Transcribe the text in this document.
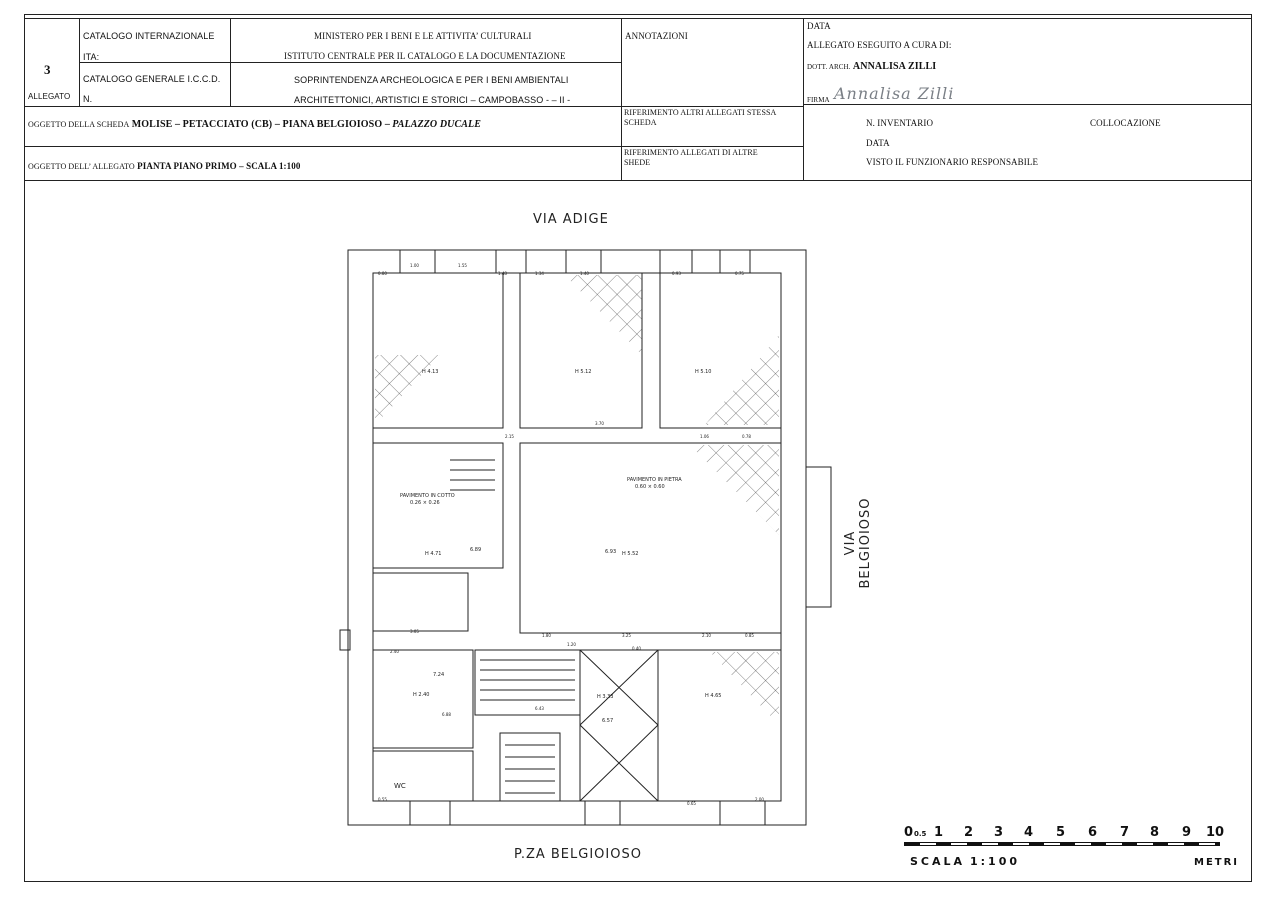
3
ALLEGATO
CATALOGO INTERNAZIONALE
ITA:
CATALOGO GENERALE I.C.C.D.
N.
MINISTERO PER I BENI E LE ATTIVITA’ CULTURALI
ISTITUTO CENTRALE PER IL CATALOGO E LA DOCUMENTAZIONE
SOPRINTENDENZA ARCHEOLOGICA E PER I BENI AMBIENTALI
ARCHITETTONICI, ARTISTICI E STORICI – CAMPOBASSO - – II -
ANNOTAZIONI
DATA
ALLEGATO ESEGUITO A CURA DI:
DOTT. ARCH. ANNALISA ZILLI
FIRMA Annalisa Zilli
OGGETTO DELLA SCHEDA MOLISE – PETACCIATO (CB) – PIANA BELGIOIOSO – PALAZZO DUCALE
RIFERIMENTO ALTRI ALLEGATI STESSA
SCHEDA
RIFERIMENTO ALLEGATI DI ALTRE
SHEDE
N. INVENTARIO	COLLOCAZIONE
DATA
VISTO IL FUNZIONARIO RESPONSABILE
OGGETTO DELL’ ALLEGATO PIANTA PIANO PRIMO – SCALA 1:100
VIA ADIGE
P.ZA BELGIOIOSO
VIA BELGIOIOSO
PAVIMENTO IN COTTO
0.26 × 0.26
PAVIMENTO IN PIETRA
0.60 × 0.60
WC
H 4.13	H 5.12	H 5.10
H 4.71	H 5.52
H 2.40	H 4.65
H 3.33
6.89	6.93
7.24
6.57
1.00	1.55
0.80	1.48	1.34	1.40	0.93	0.75
2.15
3.70
1.06	0.78
3.05
1.80	3.25	2.10	0.85
0.40
2.40
0.55
6.88
6.43
1.20
2.00
0.65
0 0.5 1 2 3 4 5 6 7 8 9 10
SCALA 1:100	METRI
